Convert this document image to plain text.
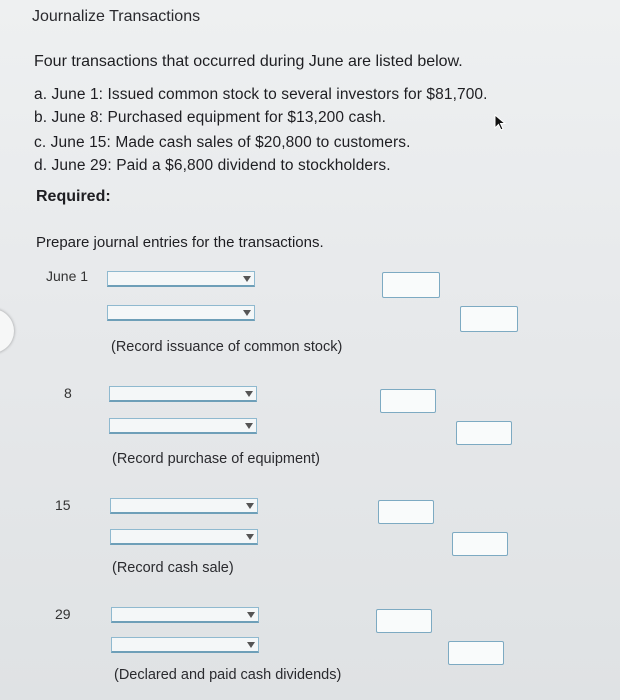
Journalize Transactions
Four transactions that occurred during June are listed below.
a. June 1: Issued common stock to several investors for $81,700.
b. June 8: Purchased equipment for $13,200 cash.
c. June 15: Made cash sales of $20,800 to customers.
d. June 29: Paid a $6,800 dividend to stockholders.
Required:
Prepare journal entries for the transactions.
June 1
(Record issuance of common stock)
8
(Record purchase of equipment)
15
(Record cash sale)
29
(Declared and paid cash dividends)
